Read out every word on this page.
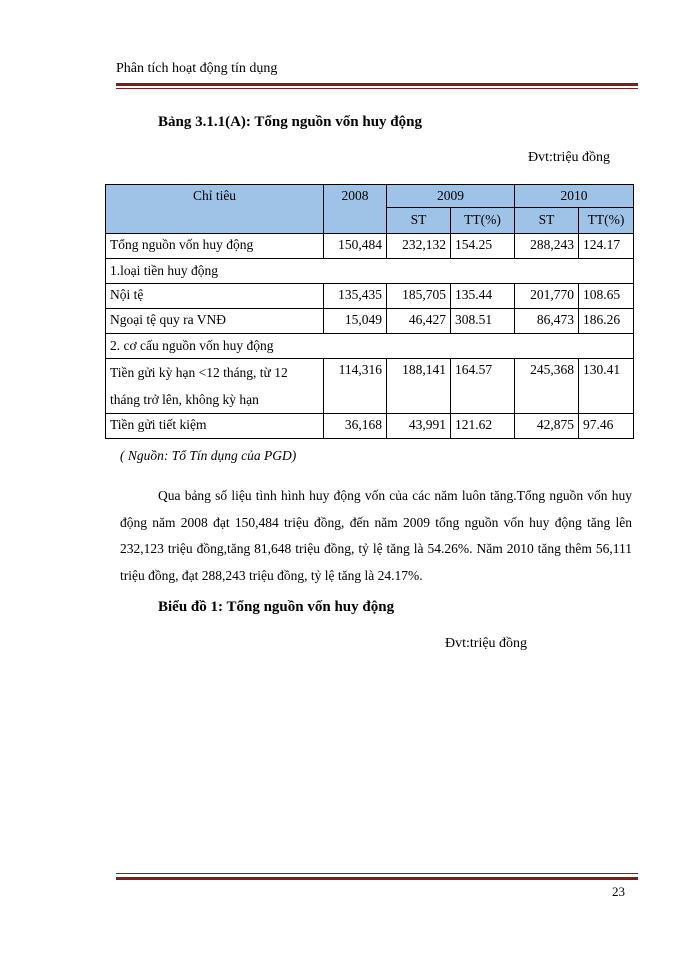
Phân tích hoạt động tín dụng
Bảng 3.1.1(A): Tổng nguồn vốn huy động
Đvt:triệu đồng
Chỉ tiêu	2008	2009		2010	
		ST	TT(%)	ST	TT(%)
Tổng nguồn vốn huy động	150,484	232,132	154.25	288,243	124.17
1.loại tiền huy động					
Nội tệ	135,435	185,705	135.44	201,770	108.65
Ngoại tệ quy ra VNĐ	15,049	46,427	308.51	86,473	186.26
2. cơ cấu nguồn vốn huy động					
Tiền gửi kỳ hạn <12 tháng, từ 12 tháng trở lên, không kỳ hạn	114,316	188,141	164.57	245,368	130.41
Tiền gửi tiết kiệm	36,168	43,991	121.62	42,875	97.46
( Nguồn: Tổ Tín dụng của PGD)
Qua bảng số liệu tình hình huy động vốn của các năm luôn tăng.Tổng nguồn vốn huy động năm 2008 đạt 150,484 triệu đồng, đến năm 2009 tổng nguồn vốn huy động tăng lên 232,123 triệu đồng,tăng 81,648 triệu đồng, tỷ lệ tăng là 54.26%. Năm 2010 tăng thêm 56,111 triệu đồng, đạt 288,243 triệu đồng, tỷ lệ tăng là 24.17%.
Biểu đồ 1: Tổng nguồn vốn huy động
Đvt:triệu đồng
23
